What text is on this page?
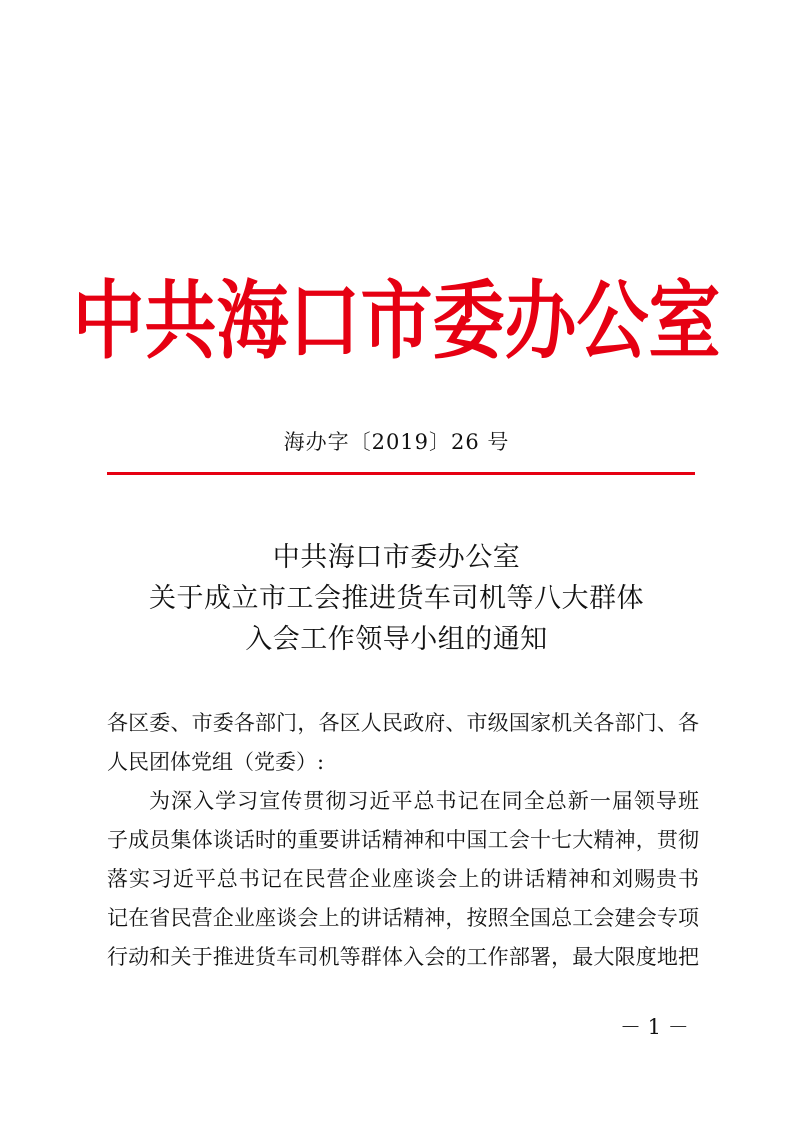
中共海口市委办公室
海办字〔2019〕26 号
中共海口市委办公室
关于成立市工会推进货车司机等八大群体
入会工作领导小组的通知
各区委、市委各部门，各区人民政府、市级国家机关各部门、各
人民团体党组（党委）:
为深入学习宣传贯彻习近平总书记在同全总新一届领导班
子成员集体谈话时的重要讲话精神和中国工会十七大精神，贯彻
落实习近平总书记在民营企业座谈会上的讲话精神和刘赐贵书
记在省民营企业座谈会上的讲话精神，按照全国总工会建会专项
行动和关于推进货车司机等群体入会的工作部署，最大限度地把
－ 1 －
